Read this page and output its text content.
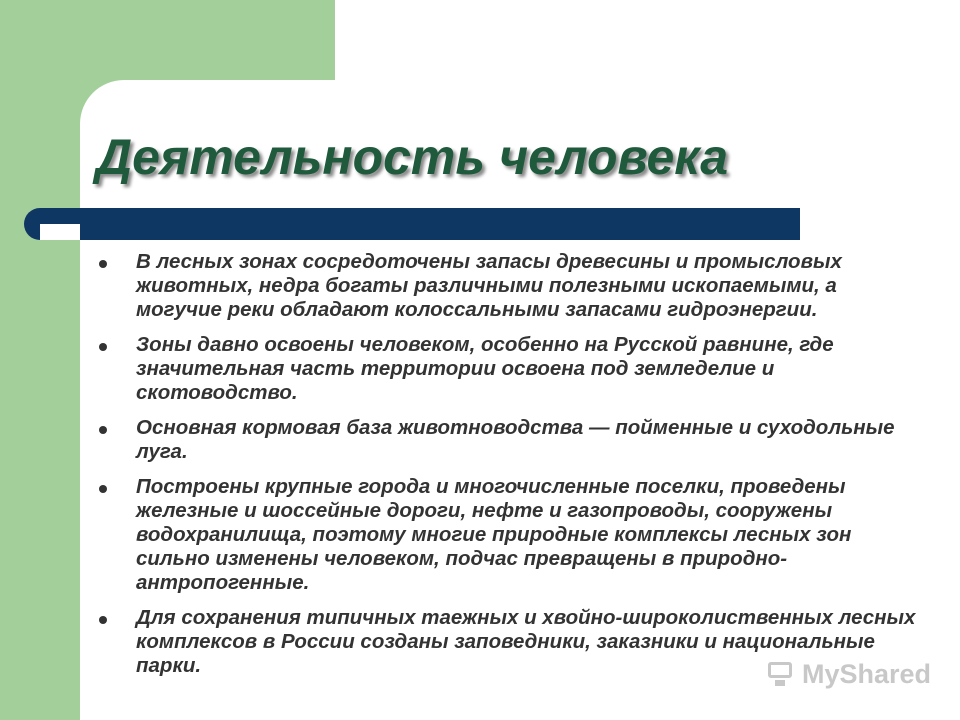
Деятельность человека
В лесных зонах сосредоточены запасы древесины и промысловых животных, недра богаты различными полезными ископаемыми, а могучие реки обладают колоссальными запасами гидроэнергии.
Зоны давно освоены человеком, особенно на Русской равнине, где значительная часть территории освоена под земледелие и скотоводство.
Основная кормовая база животноводства — пойменные и суходольные луга.
Построены крупные города и многочисленные поселки, проведены железные и шоссейные дороги, нефте и газопроводы, сооружены водохранилища, поэтому многие природные комплексы лесных зон сильно изменены человеком, подчас превращены в природно-антропогенные.
Для сохранения типичных таежных и хвойно-широколиственных лесных комплексов в России созданы заповедники, заказники и национальные парки.	MyShared
